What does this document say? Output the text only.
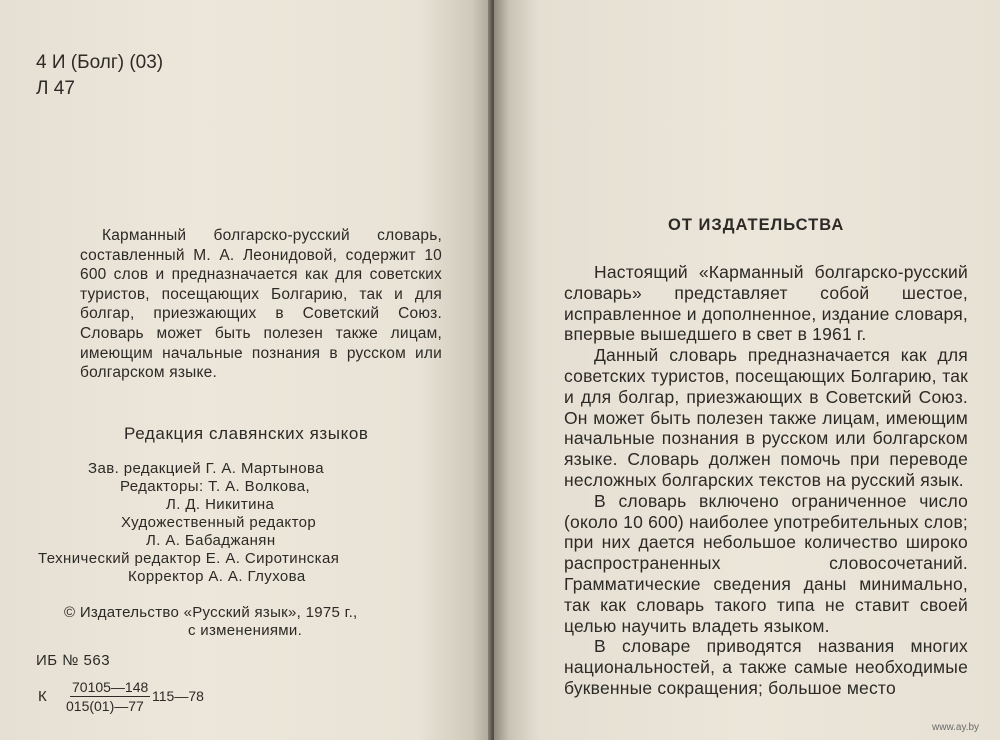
4 И (Болг) (03)
Л 47

Карманный болгарско-русский словарь, составленный М. А. Леонидовой, содержит 10 600 слов и предназначается как для советских туристов, посещающих Болгарию, так и для болгар, приезжающих в Советский Союз. Словарь может быть полезен также лицам, имеющим начальные познания в русском или болгарском языке.

Редакция славянских языков
Зав. редакцией Г. А. Мартынова
Редакторы: Т. А. Волкова,
Л. Д. Никитина
Художественный редактор
Л. А. Бабаджанян
Технический редактор Е. А. Сиротинская
Корректор А. А. Глухова
© Издательство «Русский язык», 1975 г.,
с изменениями.
ИБ № 563
К
70105—148
015(01)—77
115—78
ОТ ИЗДАТЕЛЬСТВА

Настоящий «Карманный болгарско-русский словарь» представляет собой шестое, исправленное и дополненное, издание словаря, впервые вышедшего в свет в 1961 г.

Данный словарь предназначается как для советских туристов, посещающих Болгарию, так и для болгар, приезжающих в Советский Союз. Он может быть полезен также лицам, имеющим начальные познания в русском или болгарском языке. Словарь должен помочь при переводе несложных болгарских текстов на русский язык.

В словарь включено ограниченное число (около 10 600) наиболее употребительных слов; при них дается небольшое количество широко распространенных словосочетаний. Грамматические сведения даны минимально, так как словарь такого типа не ставит своей целью научить владеть языком.

В словаре приводятся названия многих национальностей, а также самые необходимые буквенные сокращения; большое место

www.ay.by
